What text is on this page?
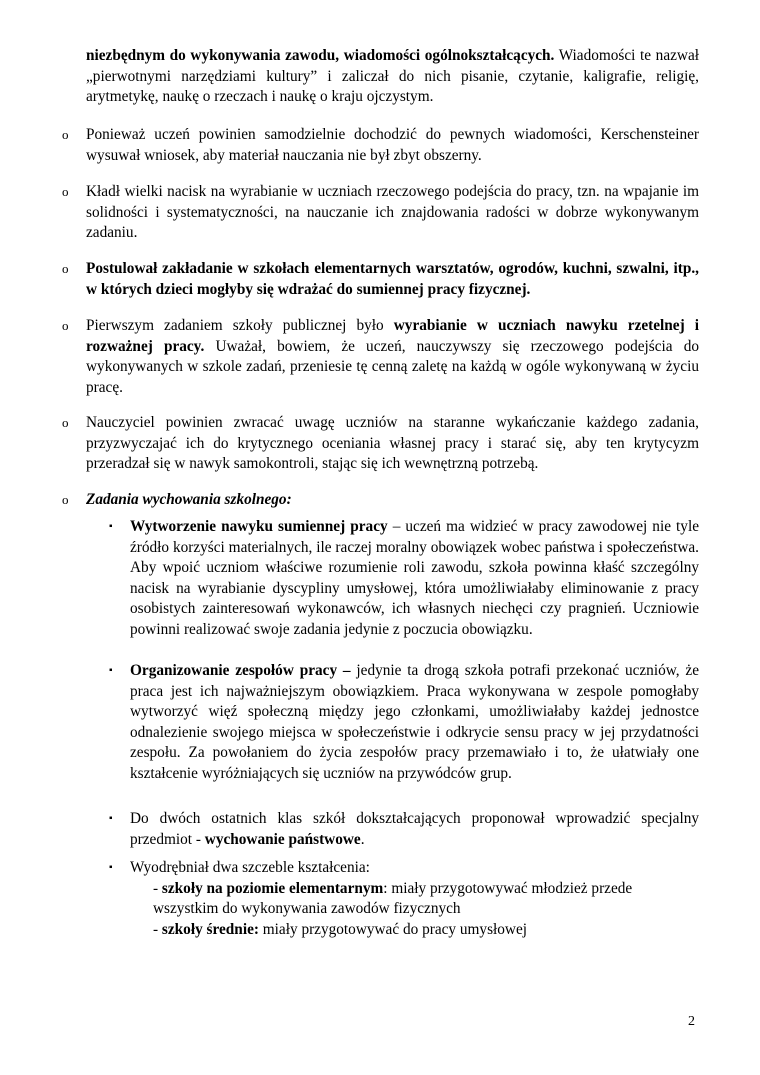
niezbędnym do wykonywania zawodu, wiadomości ogólnokształcących. Wiadomości te nazwał „pierwotnymi narzędziami kultury” i zaliczał do nich pisanie, czytanie, kaligrafie, religię, arytmetykę, naukę o rzeczach i naukę o kraju ojczystym.
o Ponieważ uczeń powinien samodzielnie dochodzić do pewnych wiadomości, Kerschensteiner wysuwał wniosek, aby materiał nauczania nie był zbyt obszerny.
o Kładł wielki nacisk na wyrabianie w uczniach rzeczowego podejścia do pracy, tzn. na wpajanie im solidności i systematyczności, na nauczanie ich znajdowania radości w dobrze wykonywanym zadaniu.
o Postulował zakładanie w szkołach elementarnych warsztatów, ogrodów, kuchni, szwalni, itp., w których dzieci mogłyby się wdrażać do sumiennej pracy fizycznej.
o Pierwszym zadaniem szkoły publicznej było wyrabianie w uczniach nawyku rzetelnej i rozważnej pracy. Uważał, bowiem, że uczeń, nauczywszy się rzeczowego podejścia do wykonywanych w szkole zadań, przeniesie tę cenną zaletę na każdą w ogóle wykonywaną w życiu pracę.
o Nauczyciel powinien zwracać uwagę uczniów na staranne wykańczanie każdego zadania, przyzwyczajać ich do krytycznego oceniania własnej pracy i starać się, aby ten krytycyzm przeradzał się w nawyk samokontroli, stając się ich wewnętrzną potrzebą.
o Zadania wychowania szkolnego:
▪ Wytworzenie nawyku sumiennej pracy – uczeń ma widzieć w pracy zawodowej nie tyle źródło korzyści materialnych, ile raczej moralny obowiązek wobec państwa i społeczeństwa. Aby wpoić uczniom właściwe rozumienie roli zawodu, szkoła powinna kłaść szczególny nacisk na wyrabianie dyscypliny umysłowej, która umożliwiałaby eliminowanie z pracy osobistych zainteresowań wykonawców, ich własnych niechęci czy pragnień. Uczniowie powinni realizować swoje zadania jedynie z poczucia obowiązku.
▪ Organizowanie zespołów pracy – jedynie ta drogą szkoła potrafi przekonać uczniów, że praca jest ich najważniejszym obowiązkiem. Praca wykonywana w zespole pomogłaby wytworzyć więź społeczną między jego członkami, umożliwiałaby każdej jednostce odnalezienie swojego miejsca w społeczeństwie i odkrycie sensu pracy w jej przydatności zespołu. Za powołaniem do życia zespołów pracy przemawiało i to, że ułatwiały one kształcenie wyróżniających się uczniów na przywódców grup.
▪ Do dwóch ostatnich klas szkół dokształcających proponował wprowadzić specjalny przedmiot - wychowanie państwowe.
▪ Wyodrębniał dwa szczeble kształcenia:
- szkoły na poziomie elementarnym: miały przygotowywać młodzież przede wszystkim do wykonywania zawodów fizycznych
- szkoły średnie: miały przygotowywać do pracy umysłowej
2
